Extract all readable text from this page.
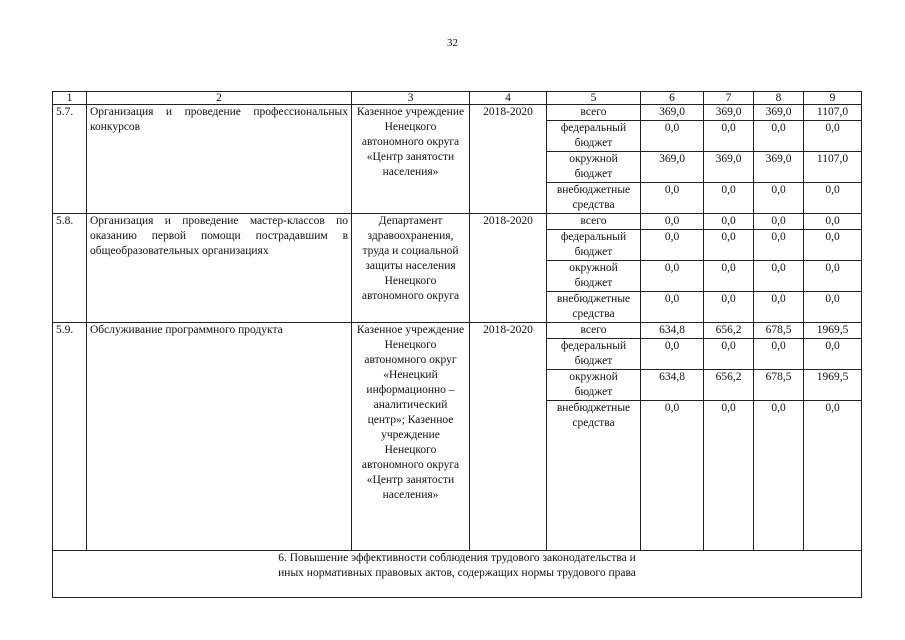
32
1	2	3	4	5	6	7	8	9
5.7.	Организация и проведение профессиональных конкурсов	Казенное учреждение Ненецкого автономного округа «Центр занятости населения»	2018-2020	всего	369,0	369,0	369,0	1107,0
				федеральный бюджет	0,0	0,0	0,0	0,0
				окружной бюджет	369,0	369,0	369,0	1107,0
				внебюджетные средства	0,0	0,0	0,0	0,0
5.8.	Организация и проведение мастер-классов по оказанию первой помощи пострадавшим в общеобразовательных организациях	Департамент здравоохранения, труда и социальной защиты населения Ненецкого автономного округа	2018-2020	всего	0,0	0,0	0,0	0,0
				федеральный бюджет	0,0	0,0	0,0	0,0
				окружной бюджет	0,0	0,0	0,0	0,0
				внебюджетные средства	0,0	0,0	0,0	0,0
5.9.	Обслуживание программного продукта	Казенное учреждение Ненецкого автономного округ «Ненецкий информационно – аналитический центр»; Казенное учреждение Ненецкого автономного округа «Центр занятости населения»	2018-2020	всего	634,8	656,2	678,5	1969,5
				федеральный бюджет	0,0	0,0	0,0	0,0
				окружной бюджет	634,8	656,2	678,5	1969,5
				внебюджетные средства	0,0	0,0	0,0	0,0

6. Повышение эффективности соблюдения трудового законодательства и
иных нормативных правовых актов, содержащих нормы трудового права								
